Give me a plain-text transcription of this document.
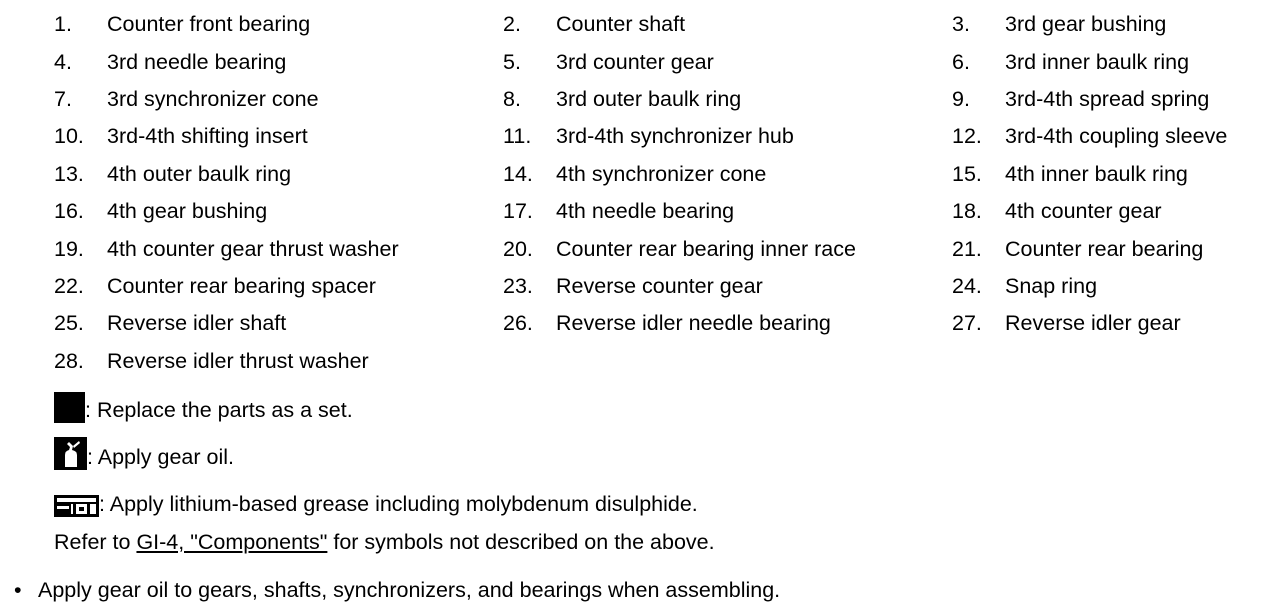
1.	Counter front bearing	2.	Counter shaft	3.	3rd gear bushing
4.	3rd needle bearing	5.	3rd counter gear	6.	3rd inner baulk ring
7.	3rd synchronizer cone	8.	3rd outer baulk ring	9.	3rd-4th spread spring
10.	3rd-4th shifting insert	11.	3rd-4th synchronizer hub	12.	3rd-4th coupling sleeve
13.	4th outer baulk ring	14.	4th synchronizer cone	15.	4th inner baulk ring
16.	4th gear bushing	17.	4th needle bearing	18.	4th counter gear
19.	4th counter gear thrust washer	20.	Counter rear bearing inner race	21.	Counter rear bearing
22.	Counter rear bearing spacer	23.	Reverse counter gear	24.	Snap ring
25.	Reverse idler shaft	26.	Reverse idler needle bearing	27.	Reverse idler gear
28.	Reverse idler thrust washer
: Replace the parts as a set.
: Apply gear oil.
: Apply lithium-based grease including molybdenum disulphide.
Refer to GI-4, "Components" for symbols not described on the above.
• Apply gear oil to gears, shafts, synchronizers, and bearings when assembling.
